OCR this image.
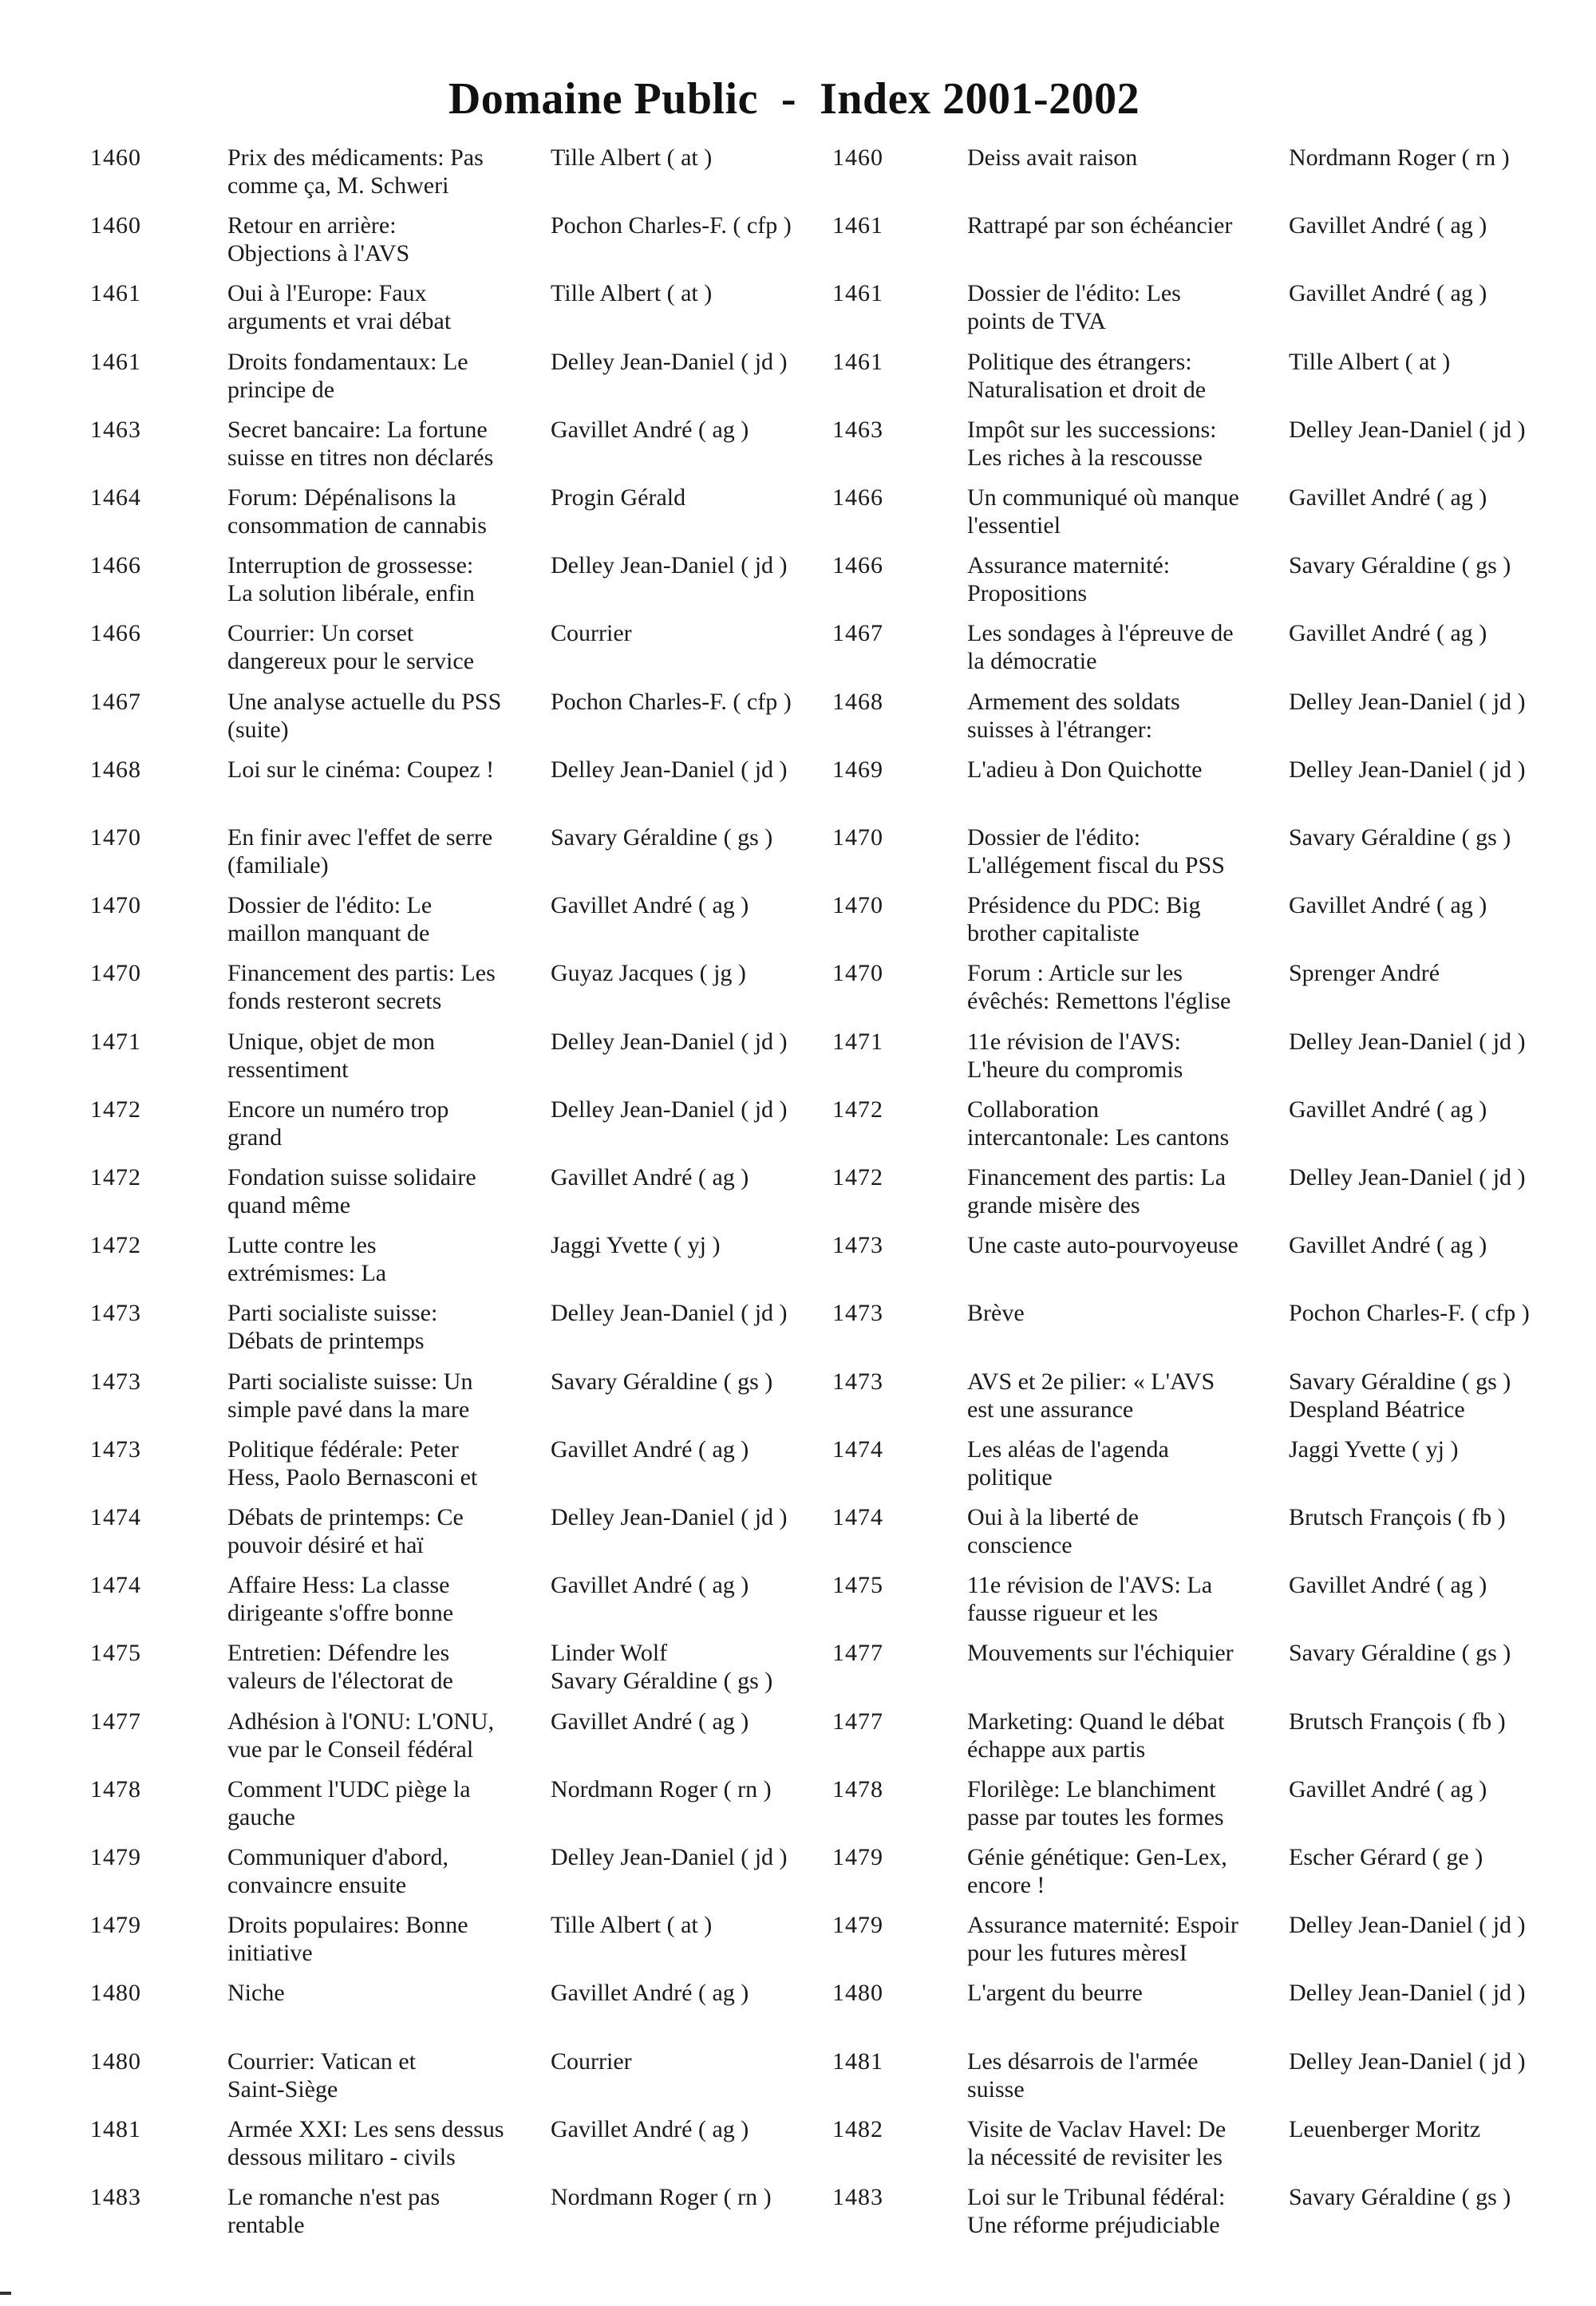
Domaine Public  -  Index 2001-2002
1460	Prix des médicaments: Pas
comme ça, M. Schweri
Tille Albert ( at )	1460	Deiss avait raison	Nordmann Roger ( rn )
1460	Retour en arrière:
Objections à l'AVS
Pochon Charles-F. ( cfp )	1461	Rattrapé par son échéancier	Gavillet André ( ag )
1461	Oui à l'Europe: Faux
arguments et vrai débat
Tille Albert ( at )	1461	Dossier de l'édito: Les
points de TVA
Gavillet André ( ag )
1461	Droits fondamentaux: Le
principe de
Delley Jean-Daniel ( jd )	1461	Politique des étrangers:
Naturalisation et droit de
Tille Albert ( at )
1463	Secret bancaire: La fortune
suisse en titres non déclarés
Gavillet André ( ag )	1463	Impôt sur les successions:
Les riches à la rescousse
Delley Jean-Daniel ( jd )
1464	Forum: Dépénalisons la
consommation de cannabis
Progin Gérald	1466	Un communiqué où manque
l'essentiel
Gavillet André ( ag )
1466	Interruption de grossesse:
La solution libérale, enfin
Delley Jean-Daniel ( jd )	1466	Assurance maternité:
Propositions
Savary Géraldine ( gs )
1466	Courrier: Un corset
dangereux pour le service
Courrier	1467	Les sondages à l'épreuve de
la démocratie
Gavillet André ( ag )
1467	Une analyse actuelle du PSS
(suite)
Pochon Charles-F. ( cfp )	1468	Armement des soldats
suisses à l'étranger:
Delley Jean-Daniel ( jd )
1468	Loi sur le cinéma: Coupez !	Delley Jean-Daniel ( jd )	1469	L'adieu à Don Quichotte	Delley Jean-Daniel ( jd )
1470	En finir avec l'effet de serre
(familiale)
Savary Géraldine ( gs )	1470	Dossier de l'édito:
L'allégement fiscal du PSS
Savary Géraldine ( gs )
1470	Dossier de l'édito: Le
maillon manquant de
Gavillet André ( ag )	1470	Présidence du PDC: Big
brother capitaliste
Gavillet André ( ag )
1470	Financement des partis: Les
fonds resteront secrets
Guyaz Jacques ( jg )	1470	Forum : Article sur les
évêchés: Remettons l'église
Sprenger André
1471	Unique, objet de mon
ressentiment
Delley Jean-Daniel ( jd )	1471	11e révision de l'AVS:
L'heure du compromis
Delley Jean-Daniel ( jd )
1472	Encore un numéro trop
grand
Delley Jean-Daniel ( jd )	1472	Collaboration
intercantonale: Les cantons
Gavillet André ( ag )
1472	Fondation suisse solidaire
quand même
Gavillet André ( ag )	1472	Financement des partis: La
grande misère des
Delley Jean-Daniel ( jd )
1472	Lutte contre les
extrémismes: La
Jaggi Yvette ( yj )	1473	Une caste auto-pourvoyeuse	Gavillet André ( ag )
1473	Parti socialiste suisse:
Débats de printemps
Delley Jean-Daniel ( jd )	1473	Brève	Pochon Charles-F. ( cfp )
1473	Parti socialiste suisse: Un
simple pavé dans la mare
Savary Géraldine ( gs )	1473	AVS et 2e pilier: « L'AVS
est une assurance
Savary Géraldine ( gs )
Despland Béatrice
1473	Politique fédérale: Peter
Hess, Paolo Bernasconi et
Gavillet André ( ag )	1474	Les aléas de l'agenda
politique
Jaggi Yvette ( yj )
1474	Débats de printemps: Ce
pouvoir désiré et haï
Delley Jean-Daniel ( jd )	1474	Oui à la liberté de
conscience
Brutsch François ( fb )
1474	Affaire Hess: La classe
dirigeante s'offre bonne
Gavillet André ( ag )	1475	11e révision de l'AVS: La
fausse rigueur et les
Gavillet André ( ag )
1475	Entretien: Défendre les
valeurs de l'électorat de
Linder Wolf
Savary Géraldine ( gs )
1477	Mouvements sur l'échiquier	Savary Géraldine ( gs )
1477	Adhésion à l'ONU: L'ONU,
vue par le Conseil fédéral
Gavillet André ( ag )	1477	Marketing: Quand le débat
échappe aux partis
Brutsch François ( fb )
1478	Comment l'UDC piège la
gauche
Nordmann Roger ( rn )	1478	Florilège: Le blanchiment
passe par toutes les formes
Gavillet André ( ag )
1479	Communiquer d'abord,
convaincre ensuite
Delley Jean-Daniel ( jd )	1479	Génie génétique: Gen-Lex,
encore !
Escher Gérard ( ge )
1479	Droits populaires: Bonne
initiative
Tille Albert ( at )	1479	Assurance maternité: Espoir
pour les futures mèresI
Delley Jean-Daniel ( jd )
1480	Niche	Gavillet André ( ag )	1480	L'argent du beurre	Delley Jean-Daniel ( jd )
1480	Courrier: Vatican et
Saint-Siège
Courrier	1481	Les désarrois de l'armée
suisse
Delley Jean-Daniel ( jd )
1481	Armée XXI: Les sens dessus
dessous militaro - civils
Gavillet André ( ag )	1482	Visite de Vaclav Havel: De
la nécessité de revisiter les
Leuenberger Moritz
1483	Le romanche n'est pas
rentable
Nordmann Roger ( rn )	1483	Loi sur le Tribunal fédéral:
Une réforme préjudiciable
Savary Géraldine ( gs )
